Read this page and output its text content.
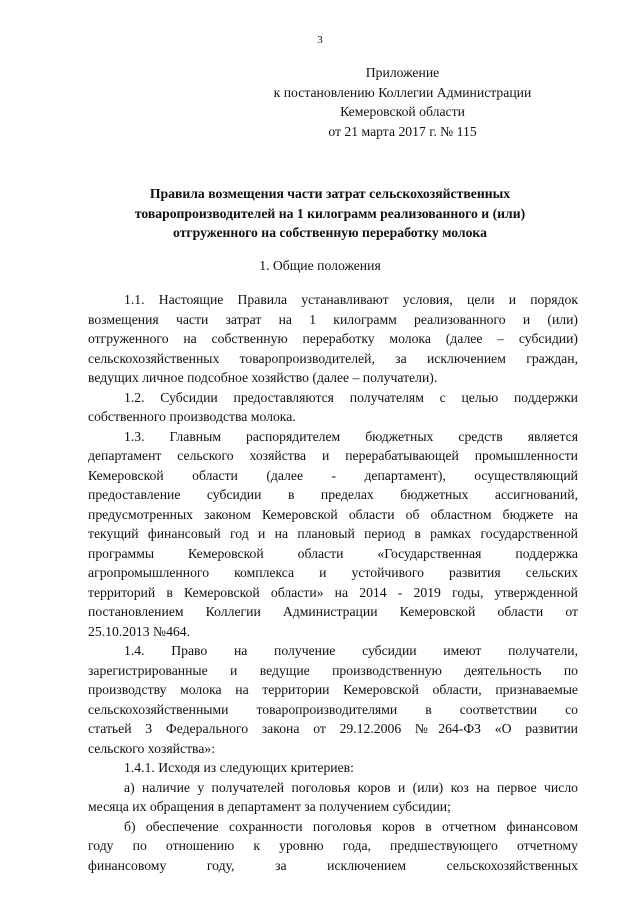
3
Приложение
к постановлению Коллегии Администрации
Кемеровской области
от 21 марта 2017 г. № 115
Правила возмещения части затрат сельскохозяйственных
товаропроизводителей на 1 килограмм реализованного и (или)
отгруженного на собственную переработку молока
1. Общие положения
1.1. Настоящие Правила устанавливают условия, цели и порядок
возмещения части затрат на 1 килограмм реализованного и (или)
отгруженного на собственную переработку молока (далее – субсидии)
сельскохозяйственных товаропроизводителей, за исключением граждан,
ведущих личное подсобное хозяйство (далее – получатели).
1.2. Субсидии предоставляются получателям с целью поддержки
собственного производства молока.
1.3. Главным распорядителем бюджетных средств является
департамент сельского хозяйства и перерабатывающей промышленности
Кемеровской области (далее - департамент), осуществляющий
предоставление субсидии в пределах бюджетных ассигнований,
предусмотренных законом Кемеровской области об областном бюджете на
текущий финансовый год и на плановый период в рамках государственной
программы Кемеровской области «Государственная поддержка
агропромышленного комплекса и устойчивого развития сельских
территорий в Кемеровской области» на 2014 - 2019 годы, утвержденной
постановлением Коллегии Администрации Кемеровской области от
25.10.2013 №464.
1.4. Право на получение субсидии имеют получатели,
зарегистрированные и ведущие производственную деятельность по
производству молока на территории Кемеровской области, признаваемые
сельскохозяйственными товаропроизводителями в соответствии со
статьей 3 Федерального закона от 29.12.2006 №264-ФЗ «О развитии
сельского хозяйства»:
1.4.1. Исходя из следующих критериев:
а) наличие у получателей поголовья коров и (или) коз на первое число
месяца их обращения в департамент за получением субсидии;
б) обеспечение сохранности поголовья коров в отчетном финансовом
году по отношению к уровню года, предшествующего отчетному
финансовому году, за исключением сельскохозяйственных
